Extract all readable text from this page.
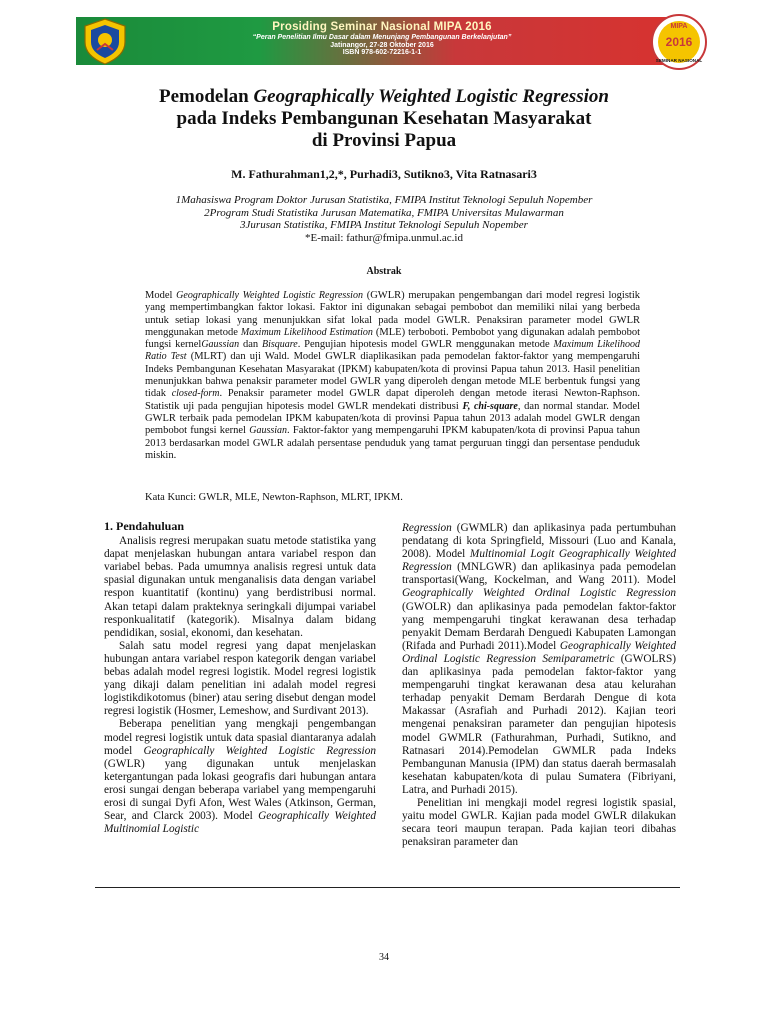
Prosiding Seminar Nasional MIPA 2016
“Peran Penelitian Ilmu Dasar dalam Menunjang Pembangunan Berkelanjutan”
Jatinangor, 27-28 Oktober 2016
ISBN 978-602-72216-1-1
MIPA
2016
SEMINAR NASIONAL
Pemodelan Geographically Weighted Logistic Regression
pada Indeks Pembangunan Kesehatan Masyarakat
di Provinsi Papua
M. Fathurahman1,2,*, Purhadi3, Sutikno3, Vita Ratnasari3
1Mahasiswa Program Doktor Jurusan Statistika, FMIPA Institut Teknologi Sepuluh Nopember
2Program Studi Statistika Jurusan Matematika, FMIPA Universitas Mulawarman
3Jurusan Statistika, FMIPA Institut Teknologi Sepuluh Nopember
*E-mail: fathur@fmipa.unmul.ac.id
Abstrak
Model Geographically Weighted Logistic Regression (GWLR) merupakan pengembangan dari model regresi logistik yang mempertimbangkan faktor lokasi. Faktor ini digunakan sebagai pembobot dan memiliki nilai yang berbeda untuk setiap lokasi yang menunjukkan sifat lokal pada model GWLR. Penaksiran parameter model GWLR menggunakan metode Maximum Likelihood Estimation (MLE) terboboti. Pembobot yang digunakan adalah pembobot fungsi kernelGaussian dan Bisquare. Pengujian hipotesis model GWLR menggunakan metode Maximum Likelihood Ratio Test (MLRT) dan uji Wald. Model GWLR diaplikasikan pada pemodelan faktor-faktor yang mempengaruhi Indeks Pembangunan Kesehatan Masyarakat (IPKM) kabupaten/kota di provinsi Papua tahun 2013. Hasil penelitian menunjukkan bahwa penaksir parameter model GWLR yang diperoleh dengan metode MLE berbentuk fungsi yang tidak closed-form. Penaksir parameter model GWLR dapat diperoleh dengan metode iterasi Newton-Raphson. Statistik uji pada pengujian hipotesis model GWLR mendekati distribusi F, chi-square, dan normal standar. Model GWLR terbaik pada pemodelan IPKM kabupaten/kota di provinsi Papua tahun 2013 adalah model GWLR dengan pembobot fungsi kernel Gaussian. Faktor-faktor yang mempengaruhi IPKM kabupaten/kota di provinsi Papua tahun 2013 berdasarkan model GWLR adalah persentase penduduk yang tamat perguruan tinggi dan persentase penduduk miskin.
Kata Kunci: GWLR, MLE, Newton-Raphson, MLRT, IPKM.
1. Pendahuluan

Analisis regresi merupakan suatu metode statistika yang dapat menjelaskan hubungan antara variabel respon dan variabel bebas. Pada umumnya analisis regresi untuk data spasial digunakan untuk menganalisis data dengan variabel respon kuantitatif (kontinu) yang berdistribusi normal. Akan tetapi dalam prakteknya seringkali dijumpai variabel responkualitatif (kategorik). Misalnya dalam bidang pendidikan, sosial, ekonomi, dan kesehatan.

Salah satu model regresi yang dapat menjelaskan hubungan antara variabel respon kategorik dengan variabel bebas adalah model regresi logistik. Model regresi logistik yang dikaji dalam penelitian ini adalah model regresi logistikdikotomus (biner) atau sering disebut dengan model regresi logistik (Hosmer, Lemeshow, and Surdivant 2013).

Beberapa penelitian yang mengkaji pengembangan model regresi logistik untuk data spasial diantaranya adalah model Geographically Weighted Logistic Regression (GWLR) yang digunakan untuk menjelaskan ketergantungan pada lokasi geografis dari hubungan antara erosi sungai dengan beberapa variabel yang mempengaruhi erosi di sungai Dyfi Afon, West Wales (Atkinson, German, Sear, and Clarck 2003). Model Geographically Weighted Multinomial Logistic

Regression (GWMLR) dan aplikasinya pada pertumbuhan pendatang di kota Springfield, Missouri (Luo and Kanala, 2008). Model Multinomial Logit Geographically Weighted Regression (MNLGWR) dan aplikasinya pada pemodelan transportasi(Wang, Kockelman, and Wang 2011). Model Geographically Weighted Ordinal Logistic Regression (GWOLR) dan aplikasinya pada pemodelan faktor-faktor yang mempengaruhi tingkat kerawanan desa terhadap penyakit Demam Berdarah Denguedi Kabupaten Lamongan (Rifada and Purhadi 2011).Model Geographically Weighted Ordinal Logistic Regression Semiparametric (GWOLRS) dan aplikasinya pada pemodelan faktor-faktor yang mempengaruhi tingkat kerawanan desa atau kelurahan terhadap penyakit Demam Berdarah Dengue di kota Makassar (Asrafiah and Purhadi 2012). Kajian teori mengenai penaksiran parameter dan pengujian hipotesis model GWMLR (Fathurahman, Purhadi, Sutikno, and Ratnasari 2014).Pemodelan GWMLR pada Indeks Pembangunan Manusia (IPM) dan status daerah bermasalah kesehatan kabupaten/kota di pulau Sumatera (Fibriyani, Latra, and Purhadi 2015).

Penelitian ini mengkaji model regresi logistik spasial, yaitu model GWLR. Kajian pada model GWLR dilakukan secara teori maupun terapan. Pada kajian teori dibahas penaksiran parameter dan

34
